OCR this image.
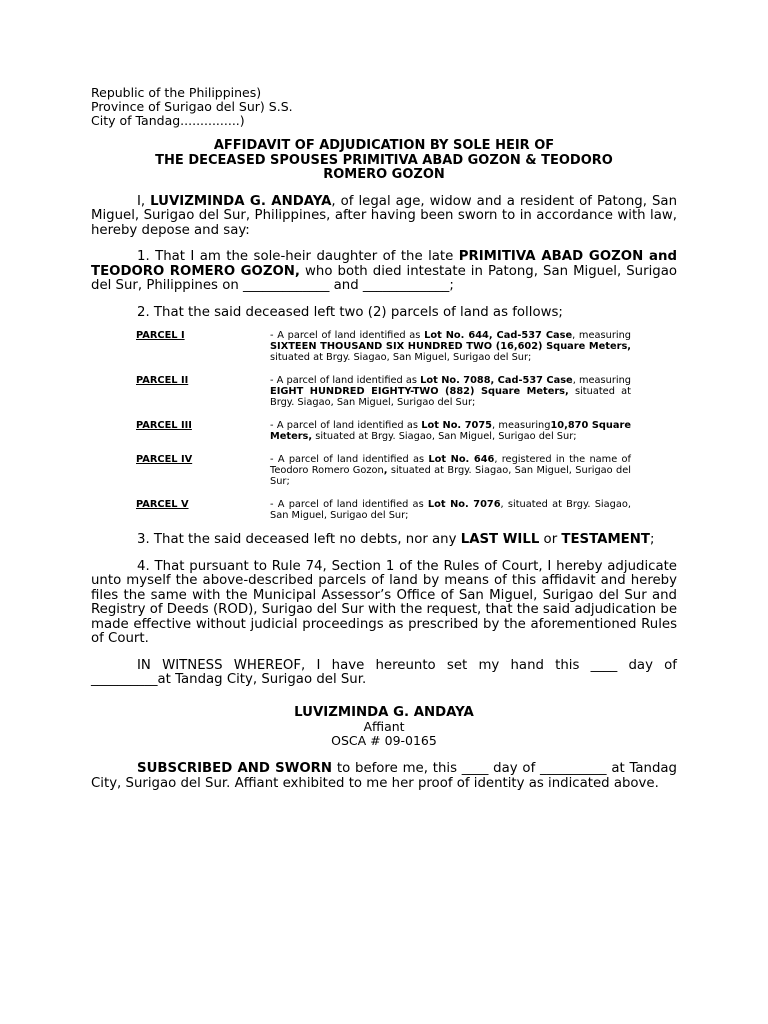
Republic of the Philippines)
Province of Surigao del Sur) S.S.
City of Tandag...............)
AFFIDAVIT OF ADJUDICATION BY SOLE HEIR OF
THE DECEASED SPOUSES PRIMITIVA ABAD GOZON & TEODORO
ROMERO GOZON

I, LUVIZMINDA G. ANDAYA, of legal age, widow and a resident of Patong, San Miguel, Surigao del Sur, Philippines, after having been sworn to in accordance with law, hereby depose and say:

1. That I am the sole-heir daughter of the late PRIMITIVA ABAD GOZON and TEODORO ROMERO GOZON, who both died intestate in Patong, San Miguel, Surigao del Sur, Philippines on _____________ and _____________;

2. That the said deceased left two (2) parcels of land as follows;

PARCEL I	- A parcel of land identified as Lot No. 644, Cad-537 Case, measuring SIXTEEN THOUSAND SIX HUNDRED TWO (16,602) Square Meters, situated at Brgy. Siagao, San Miguel, Surigao del Sur;
PARCEL II	- A parcel of land identified as Lot No. 7088, Cad-537 Case, measuring EIGHT HUNDRED EIGHTY-TWO (882) Square Meters, situated at Brgy. Siagao, San Miguel, Surigao del Sur;
PARCEL III	- A parcel of land identified as Lot No. 7075, measuring10,870 Square Meters, situated at Brgy. Siagao, San Miguel, Surigao del Sur;
PARCEL IV	- A parcel of land identified as Lot No. 646, registered in the name of Teodoro Romero Gozon, situated at Brgy. Siagao, San Miguel, Surigao del Sur;
PARCEL V	- A parcel of land identified as Lot No. 7076, situated at Brgy. Siagao, San Miguel, Surigao del Sur;

3. That the said deceased left no debts, nor any LAST WILL or TESTAMENT;

4. That pursuant to Rule 74, Section 1 of the Rules of Court, I hereby adjudicate unto myself the above-described parcels of land by means of this affidavit and hereby files the same with the Municipal Assessor’s Office of San Miguel, Surigao del Sur and Registry of Deeds (ROD), Surigao del Sur with the request, that the said adjudication be made effective without judicial proceedings as prescribed by the aforementioned Rules of Court.

IN WITNESS WHEREOF, I have hereunto set my hand this ____ day of __________at Tandag City, Surigao del Sur.

LUVIZMINDA G. ANDAYA
Affiant
OSCA # 09-0165

SUBSCRIBED AND SWORN to before me, this ____ day of __________ at Tandag City, Surigao del Sur. Affiant exhibited to me her proof of identity as indicated above.
